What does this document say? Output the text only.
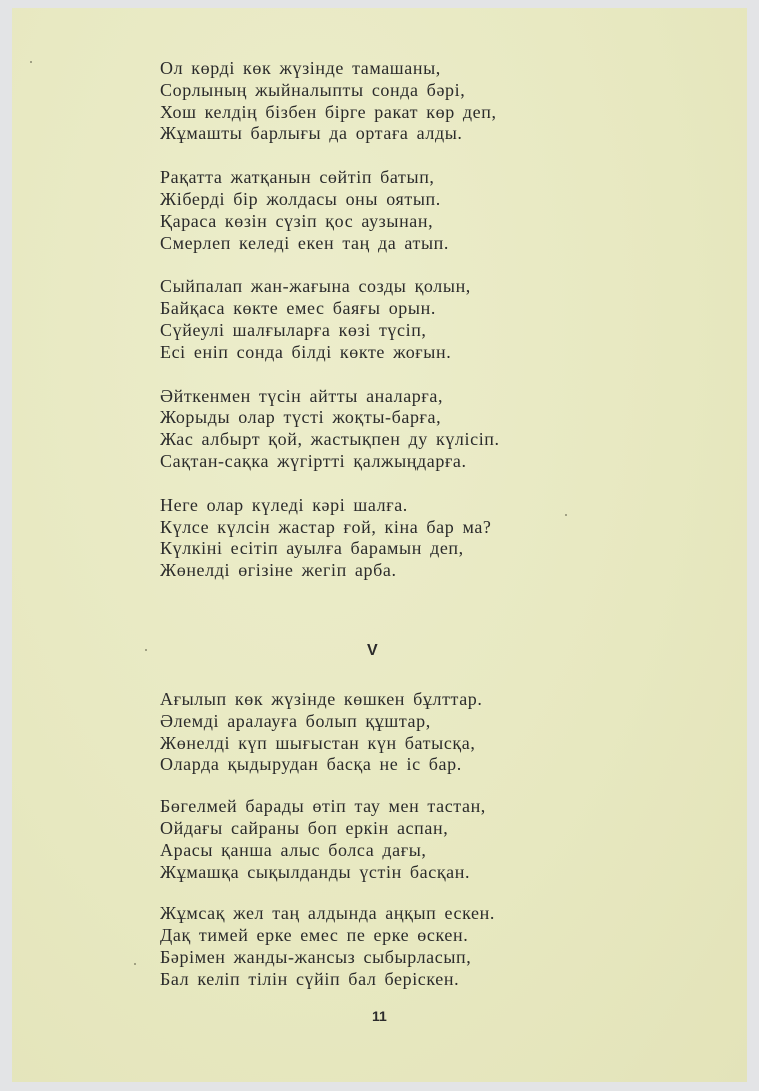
Ол көрді көк жүзінде тамашаны,
Сорлының жыйналыпты сонда бәрі,
Хош келдің бізбен бірге ракат көр деп,
Жұмашты барлығы да ортаға алды.
Рақатта жатқанын сөйтіп батып,
Жіберді бір жолдасы оны оятып.
Қараса көзін сүзіп қос аузынан,
Смерлеп келеді екен таң да атып.
Сыйпалап жан-жағына созды қолын,
Байқаса көкте емес баяғы орын.
Сүйеулі шалғыларға көзі түсіп,
Есі еніп сонда білді көкте жоғын.
Әйткенмен түсін айтты аналарға,
Жорыды олар түсті жоқты-барға,
Жас албырт қой, жастықпен ду күлісіп.
Сақтан-сақка жүгіртті қалжыңдарға.
Неге олар күледі кәрі шалға.
Күлсе күлсін жастар ғой, кіна бар ма?
Күлкіні есітіп ауылға барамын деп,
Жөнелді өгізіне жегіп арба.
V
Ағылып көк жүзінде көшкен бұлттар.
Әлемді аралауға болып құштар,
Жөнелді күп шығыстан күн батысқа,
Оларда қыдырудан басқа не іс бар.
Бөгелмей барады өтіп тау мен тастан,
Ойдағы сайраны боп еркін аспан,
Арасы қанша алыс болса дағы,
Жұмашқа сықылданды үстін басқан.
Жұмсақ жел таң алдында аңқып ескен.
Дақ тимей ерке емес пе ерке өскен.
Бәрімен жанды-жансыз сыбырласып,
Бал келіп тілін сүйіп бал беріскен.
11
